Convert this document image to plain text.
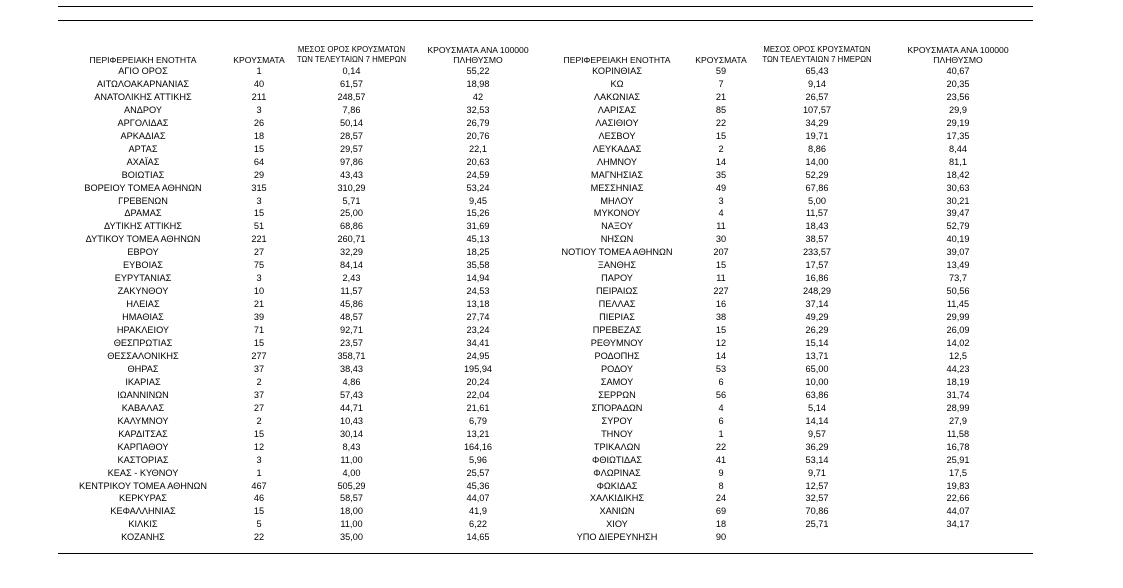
ΠΕΡΙΦΕΡΕΙΑΚΗ ΕΝΟΤΗΤΑ	ΚΡΟΥΣΜΑΤΑ	ΜΕΣΟΣ ΟΡΟΣ ΚΡΟΥΣΜΑΤΩΝ
ΤΩΝ ΤΕΛΕΥΤΑΙΩΝ 7 ΗΜΕΡΩΝ	ΚΡΟΥΣΜΑΤΑ ΑΝΑ 100000
ΠΛΗΘΥΣΜΟ	ΠΕΡΙΦΕΡΕΙΑΚΗ ΕΝΟΤΗΤΑ	ΚΡΟΥΣΜΑΤΑ	ΜΕΣΟΣ ΟΡΟΣ ΚΡΟΥΣΜΑΤΩΝ
ΤΩΝ ΤΕΛΕΥΤΑΙΩΝ 7 ΗΜΕΡΩΝ	ΚΡΟΥΣΜΑΤΑ ΑΝΑ 100000
ΠΛΗΘΥΣΜΟ
ΑΓΙΟ ΟΡΟΣ	1	0,14	55,22	ΚΟΡΙΝΘΙΑΣ	59	65,43	40,67
ΑΙΤΩΛΟΑΚΑΡΝΑΝΙΑΣ	40	61,57	18,98	ΚΩ	7	9,14	20,35
ΑΝΑΤΟΛΙΚΗΣ ΑΤΤΙΚΗΣ	211	248,57	42	ΛΑΚΩΝΙΑΣ	21	26,57	23,56
ΑΝΔΡΟΥ	3	7,86	32,53	ΛΑΡΙΣΑΣ	85	107,57	29,9
ΑΡΓΟΛΙΔΑΣ	26	50,14	26,79	ΛΑΣΙΘΙΟΥ	22	34,29	29,19
ΑΡΚΑΔΙΑΣ	18	28,57	20,76	ΛΕΣΒΟΥ	15	19,71	17,35
ΑΡΤΑΣ	15	29,57	22,1	ΛΕΥΚΑΔΑΣ	2	8,86	8,44
ΑΧΑΪΑΣ	64	97,86	20,63	ΛΗΜΝΟΥ	14	14,00	81,1
ΒΟΙΩΤΙΑΣ	29	43,43	24,59	ΜΑΓΝΗΣΙΑΣ	35	52,29	18,42
ΒΟΡΕΙΟΥ ΤΟΜΕΑ ΑΘΗΝΩΝ	315	310,29	53,24	ΜΕΣΣΗΝΙΑΣ	49	67,86	30,63
ΓΡΕΒΕΝΩΝ	3	5,71	9,45	ΜΗΛΟΥ	3	5,00	30,21
ΔΡΑΜΑΣ	15	25,00	15,26	ΜΥΚΟΝΟΥ	4	11,57	39,47
ΔΥΤΙΚΗΣ ΑΤΤΙΚΗΣ	51	68,86	31,69	ΝΑΞΟΥ	11	18,43	52,79
ΔΥΤΙΚΟΥ ΤΟΜΕΑ ΑΘΗΝΩΝ	221	260,71	45,13	ΝΗΣΩΝ	30	38,57	40,19
ΕΒΡΟΥ	27	32,29	18,25	ΝΟΤΙΟΥ ΤΟΜΕΑ ΑΘΗΝΩΝ	207	233,57	39,07
ΕΥΒΟΙΑΣ	75	84,14	35,58	ΞΑΝΘΗΣ	15	17,57	13,49
ΕΥΡΥΤΑΝΙΑΣ	3	2,43	14,94	ΠΑΡΟΥ	11	16,86	73,7
ΖΑΚΥΝΘΟΥ	10	11,57	24,53	ΠΕΙΡΑΙΩΣ	227	248,29	50,56
ΗΛΕΙΑΣ	21	45,86	13,18	ΠΕΛΛΑΣ	16	37,14	11,45
ΗΜΑΘΙΑΣ	39	48,57	27,74	ΠΙΕΡΙΑΣ	38	49,29	29,99
ΗΡΑΚΛΕΙΟΥ	71	92,71	23,24	ΠΡΕΒΕΖΑΣ	15	26,29	26,09
ΘΕΣΠΡΩΤΙΑΣ	15	23,57	34,41	ΡΕΘΥΜΝΟΥ	12	15,14	14,02
ΘΕΣΣΑΛΟΝΙΚΗΣ	277	358,71	24,95	ΡΟΔΟΠΗΣ	14	13,71	12,5
ΘΗΡΑΣ	37	38,43	195,94	ΡΟΔΟΥ	53	65,00	44,23
ΙΚΑΡΙΑΣ	2	4,86	20,24	ΣΑΜΟΥ	6	10,00	18,19
ΙΩΑΝΝΙΝΩΝ	37	57,43	22,04	ΣΕΡΡΩΝ	56	63,86	31,74
ΚΑΒΑΛΑΣ	27	44,71	21,61	ΣΠΟΡΑΔΩΝ	4	5,14	28,99
ΚΑΛΥΜΝΟΥ	2	10,43	6,79	ΣΥΡΟΥ	6	14,14	27,9
ΚΑΡΔΙΤΣΑΣ	15	30,14	13,21	ΤΗΝΟΥ	1	9,57	11,58
ΚΑΡΠΑΘΟΥ	12	8,43	164,16	ΤΡΙΚΑΛΩΝ	22	36,29	16,78
ΚΑΣΤΟΡΙΑΣ	3	11,00	5,96	ΦΘΙΩΤΙΔΑΣ	41	53,14	25,91
ΚΕΑΣ - ΚΥΘΝΟΥ	1	4,00	25,57	ΦΛΩΡΙΝΑΣ	9	9,71	17,5
ΚΕΝΤΡΙΚΟΥ ΤΟΜΕΑ ΑΘΗΝΩΝ	467	505,29	45,36	ΦΩΚΙΔΑΣ	8	12,57	19,83
ΚΕΡΚΥΡΑΣ	46	58,57	44,07	ΧΑΛΚΙΔΙΚΗΣ	24	32,57	22,66
ΚΕΦΑΛΛΗΝΙΑΣ	15	18,00	41,9	ΧΑΝΙΩΝ	69	70,86	44,07
ΚΙΛΚΙΣ	5	11,00	6,22	ΧΙΟΥ	18	25,71	34,17
ΚΟΖΑΝΗΣ	22	35,00	14,65	ΥΠΟ ΔΙΕΡΕΥΝΗΣΗ	90		
